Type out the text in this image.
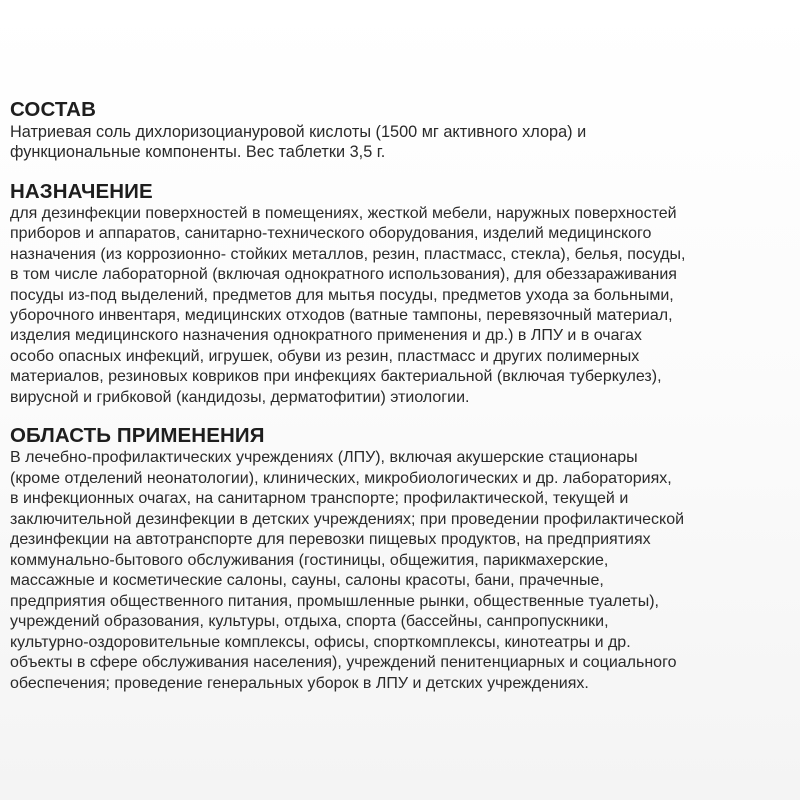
СОСТАВ
Натриевая соль дихлоризоциануровой кислоты (1500 мг активного хлора) и
функциональные компоненты. Вес таблетки 3,5 г.
НАЗНАЧЕНИЕ
для дезинфекции поверхностей в помещениях, жесткой мебели, наружных поверхностей
приборов и аппаратов, санитарно-технического оборудования, изделий медицинского
назначения (из коррозионно- стойких металлов, резин, пластмасс, стекла), белья, посуды,
в том числе лабораторной (включая однократного использования), для обеззараживания
посуды из-под выделений, предметов для мытья посуды, предметов ухода за больными,
уборочного инвентаря, медицинских отходов (ватные тампоны, перевязочный материал,
изделия медицинского назначения однократного применения и др.) в ЛПУ и в очагах
особо опасных инфекций, игрушек, обуви из резин, пластмасс и других полимерных
материалов, резиновых ковриков при инфекциях бактериальной (включая туберкулез),
вирусной и грибковой (кандидозы, дерматофитии) этиологии.
ОБЛАСТЬ ПРИМЕНЕНИЯ
В лечебно-профилактических учреждениях (ЛПУ), включая акушерские стационары
(кроме отделений неонатологии), клинических, микробиологических и др. лабораториях,
в инфекционных очагах, на санитарном транспорте; профилактической, текущей и
заключительной дезинфекции в детских учреждениях; при проведении профилактической
дезинфекции на автотранспорте для перевозки пищевых продуктов, на предприятиях
коммунально-бытового обслуживания (гостиницы, общежития, парикмахерские,
массажные и косметические салоны, сауны, салоны красоты, бани, прачечные,
предприятия общественного питания, промышленные рынки, общественные туалеты),
учреждений образования, культуры, отдыха, спорта (бассейны, санпропускники,
культурно-оздоровительные комплексы, офисы, спорткомплексы, кинотеатры и др.
объекты в сфере обслуживания населения), учреждений пенитенциарных и социального
обеспечения; проведение генеральных уборок в ЛПУ и детских учреждениях.
